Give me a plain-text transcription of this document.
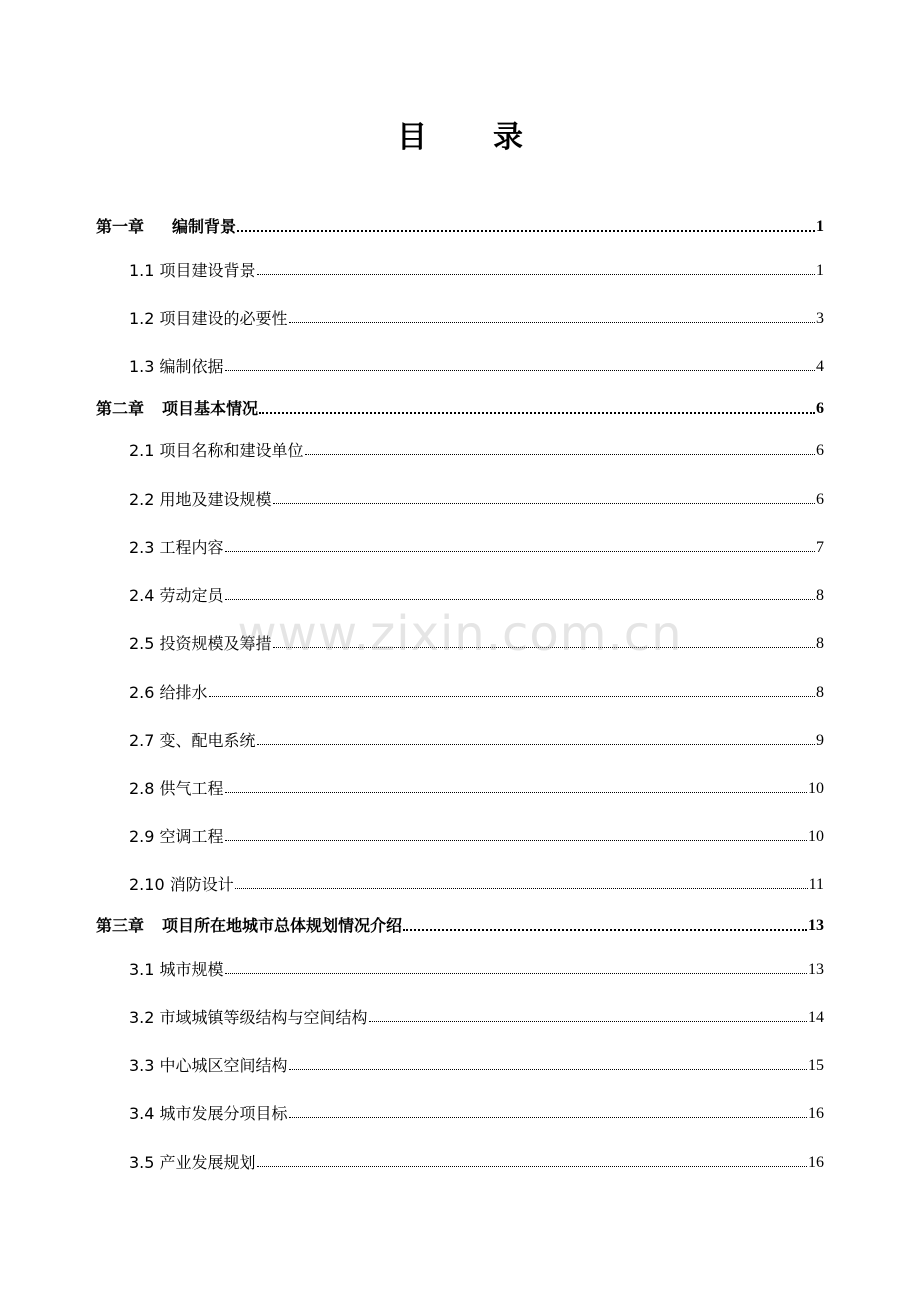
目 录
第一章 编制背景	1
1.1 项目建设背景	1
1.2 项目建设的必要性	3
1.3 编制依据	4
第二章 项目基本情况	6
2.1 项目名称和建设单位	6
2.2 用地及建设规模	6
2.3 工程内容	7
2.4 劳动定员	8
2.5 投资规模及筹措	8
2.6 给排水	8
2.7 变、配电系统	9
2.8 供气工程	10
2.9 空调工程	10
2.10 消防设计	11
第三章 项目所在地城市总体规划情况介绍	13
3.1 城市规模	13
3.2 市域城镇等级结构与空间结构	14
3.3 中心城区空间结构	15
3.4 城市发展分项目标	16
3.5 产业发展规划	16
www.zixin.com.cn
